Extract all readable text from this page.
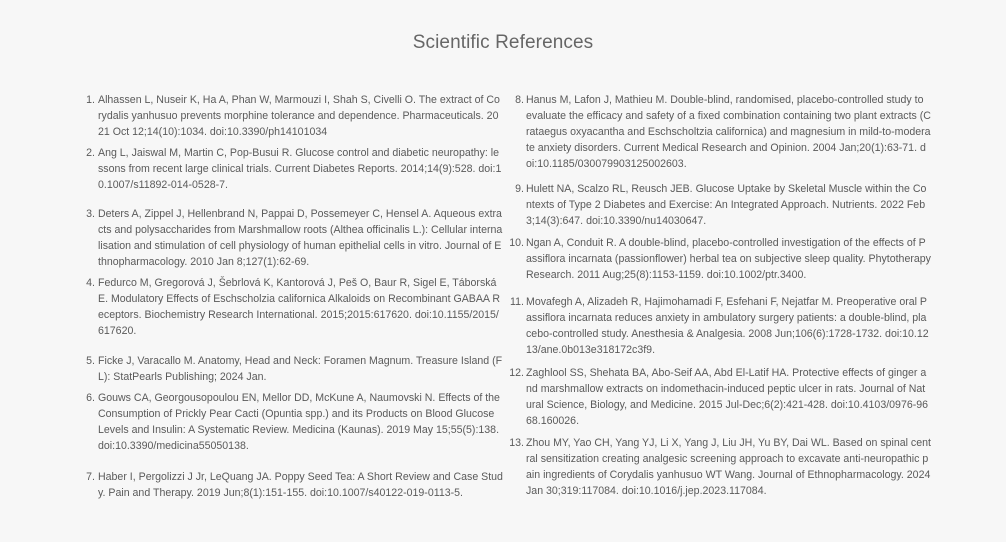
Scientific References
1. Alhassen L, Nuseir K, Ha A, Phan W, Marmouzi I, Shah S, Civelli O. The extract of Corydalis yanhusuo prevents morphine tolerance and dependence. Pharmaceuticals. 2021 Oct 12;14(10):1034. doi:10.3390/ph14101034
2. Ang L, Jaiswal M, Martin C, Pop-Busui R. Glucose control and diabetic neuropathy: lessons from recent large clinical trials. Current Diabetes Reports. 2014;14(9):528. doi:10.1007/s11892-014-0528-7.
3. Deters A, Zippel J, Hellenbrand N, Pappai D, Possemeyer C, Hensel A. Aqueous extracts and polysaccharides from Marshmallow roots (Althea officinalis L.): Cellular internalisation and stimulation of cell physiology of human epithelial cells in vitro. Journal of Ethnopharmacology. 2010 Jan 8;127(1):62-69.
4. Fedurco M, Gregorová J, Šebrlová K, Kantorová J, Peš O, Baur R, Sigel E, Táborská E. Modulatory Effects of Eschscholzia californica Alkaloids on Recombinant GABAA Receptors. Biochemistry Research International. 2015;2015:617620. doi:10.1155/2015/617620.
5. Ficke J, Varacallo M. Anatomy, Head and Neck: Foramen Magnum. Treasure Island (FL): StatPearls Publishing; 2024 Jan.
6. Gouws CA, Georgousopoulou EN, Mellor DD, McKune A, Naumovski N. Effects of the Consumption of Prickly Pear Cacti (Opuntia spp.) and its Products on Blood Glucose Levels and Insulin: A Systematic Review. Medicina (Kaunas). 2019 May 15;55(5):138. doi:10.3390/medicina55050138.
7. Haber I, Pergolizzi J Jr, LeQuang JA. Poppy Seed Tea: A Short Review and Case Study. Pain and Therapy. 2019 Jun;8(1):151-155. doi:10.1007/s40122-019-0113-5.
8. Hanus M, Lafon J, Mathieu M. Double-blind, randomised, placebo-controlled study to evaluate the efficacy and safety of a fixed combination containing two plant extracts (Crataegus oxyacantha and Eschscholtzia californica) and magnesium in mild-to-moderate anxiety disorders. Current Medical Research and Opinion. 2004 Jan;20(1):63-71. doi:10.1185/030079903125002603.
9. Hulett NA, Scalzo RL, Reusch JEB. Glucose Uptake by Skeletal Muscle within the Contexts of Type 2 Diabetes and Exercise: An Integrated Approach. Nutrients. 2022 Feb 3;14(3):647. doi:10.3390/nu14030647.
10. Ngan A, Conduit R. A double-blind, placebo-controlled investigation of the effects of Passiflora incarnata (passionflower) herbal tea on subjective sleep quality. Phytotherapy Research. 2011 Aug;25(8):1153-1159. doi:10.1002/ptr.3400.
11. Movafegh A, Alizadeh R, Hajimohamadi F, Esfehani F, Nejatfar M. Preoperative oral Passiflora incarnata reduces anxiety in ambulatory surgery patients: a double-blind, placebo-controlled study. Anesthesia & Analgesia. 2008 Jun;106(6):1728-1732. doi:10.1213/ane.0b013e318172c3f9.
12. Zaghlool SS, Shehata BA, Abo-Seif AA, Abd El-Latif HA. Protective effects of ginger and marshmallow extracts on indomethacin-induced peptic ulcer in rats. Journal of Natural Science, Biology, and Medicine. 2015 Jul-Dec;6(2):421-428. doi:10.4103/0976-9668.160026.
13. Zhou MY, Yao CH, Yang YJ, Li X, Yang J, Liu JH, Yu BY, Dai WL. Based on spinal central sensitization creating analgesic screening approach to excavate anti-neuropathic pain ingredients of Corydalis yanhusuo WT Wang. Journal of Ethnopharmacology. 2024 Jan 30;319:117084. doi:10.1016/j.jep.2023.117084.
